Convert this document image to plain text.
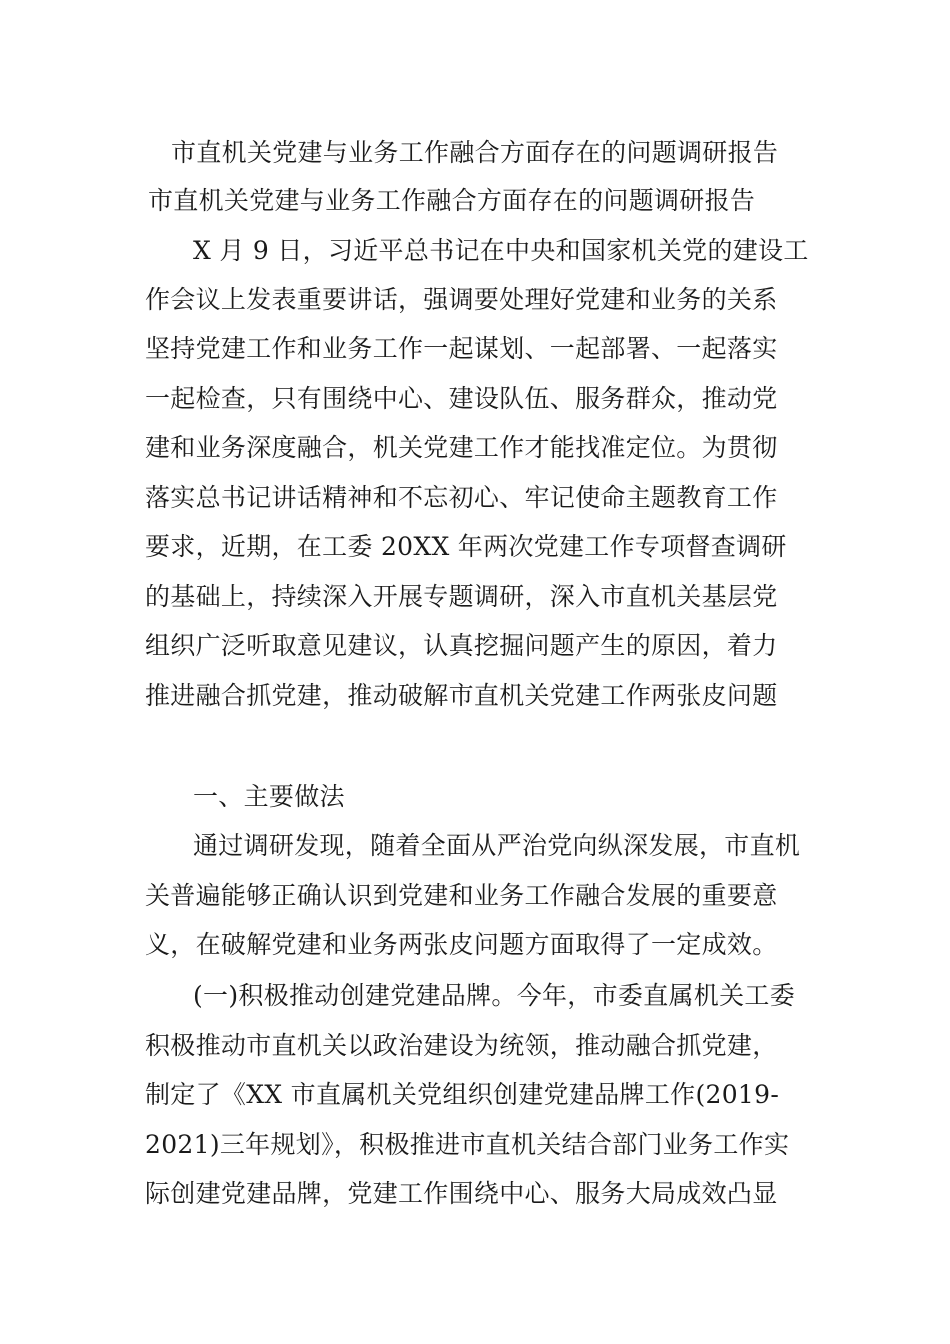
市直机关党建与业务工作融合方面存在的问题调研报告
市直机关党建与业务工作融合方面存在的问题调研报告
X 月 9 日，习近平总书记在中央和国家机关党的建设工
作会议上发表重要讲话，强调要处理好党建和业务的关系
坚持党建工作和业务工作一起谋划、一起部署、一起落实
一起检查，只有围绕中心、建设队伍、服务群众，推动党
建和业务深度融合，机关党建工作才能找准定位。为贯彻
落实总书记讲话精神和不忘初心、牢记使命主题教育工作
要求，近期，在工委 20XX 年两次党建工作专项督查调研
的基础上，持续深入开展专题调研，深入市直机关基层党
组织广泛听取意见建议，认真挖掘问题产生的原因，着力
推进融合抓党建，推动破解市直机关党建工作两张皮问题
一、主要做法
通过调研发现，随着全面从严治党向纵深发展，市直机
关普遍能够正确认识到党建和业务工作融合发展的重要意
义，在破解党建和业务两张皮问题方面取得了一定成效。
(一)积极推动创建党建品牌。今年，市委直属机关工委
积极推动市直机关以政治建设为统领，推动融合抓党建，
制定了《XX 市直属机关党组织创建党建品牌工作(2019-
2021)三年规划》，积极推进市直机关结合部门业务工作实
际创建党建品牌，党建工作围绕中心、服务大局成效凸显
